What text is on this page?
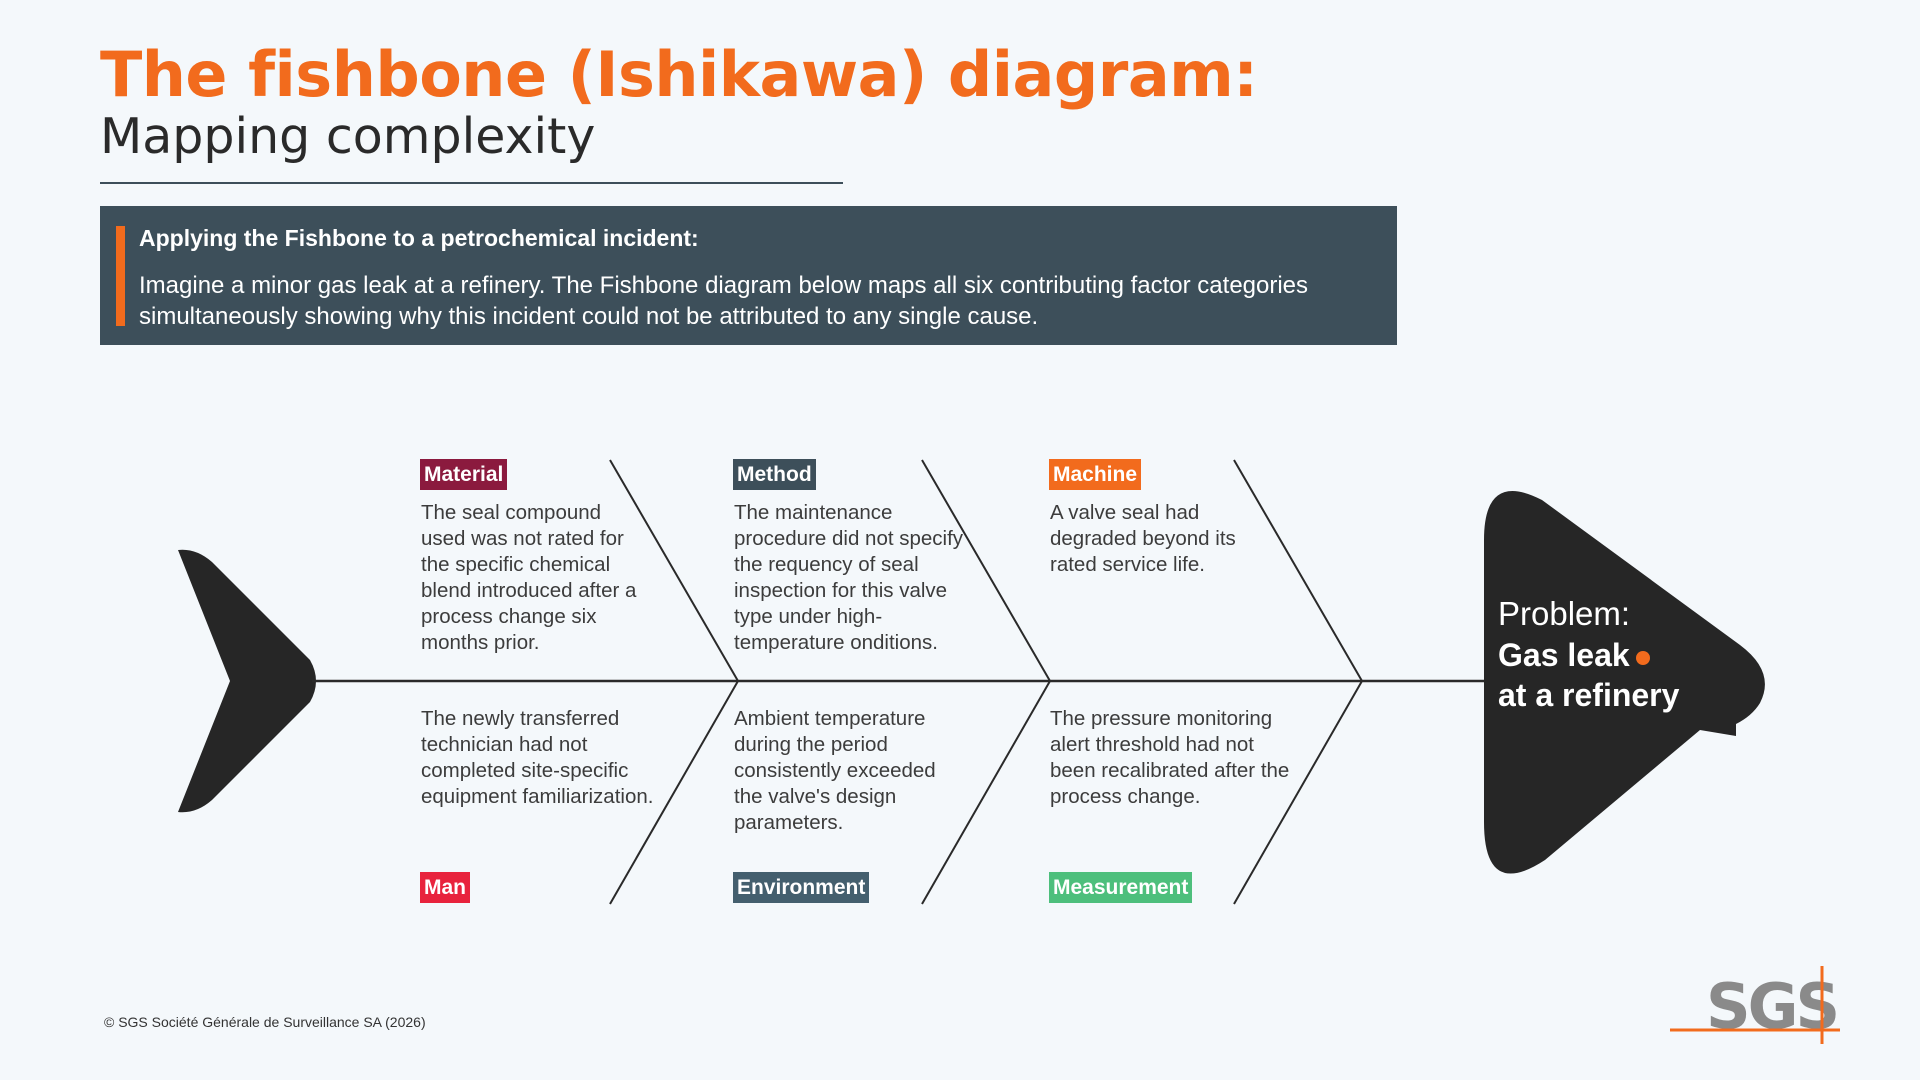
The fishbone (Ishikawa) diagram:
Mapping complexity

Applying the Fishbone to a petrochemical incident:

Imagine a minor gas leak at a refinery. The Fishbone diagram below maps all six contributing factor categories simultaneously showing why this incident could not be attributed to any single cause.

Material	Method	Machine
Man	Environment	Measurement

The seal compound used was not rated for the specific chemical blend introduced after a process change six months prior.

The maintenance procedure did not specify the requency of seal inspection for this valve type under high-temperature onditions.

A valve seal had degraded beyond its rated service life.

The newly transferred technician had not completed site-specific equipment familiarization.

Ambient temperature during the period consistently exceeded the valve's design parameters.

The pressure monitoring alert threshold had not been recalibrated after the process change.

Problem:
Gas leak
at a refinery

© SGS Société Générale de Surveillance SA (2026)	SGS
